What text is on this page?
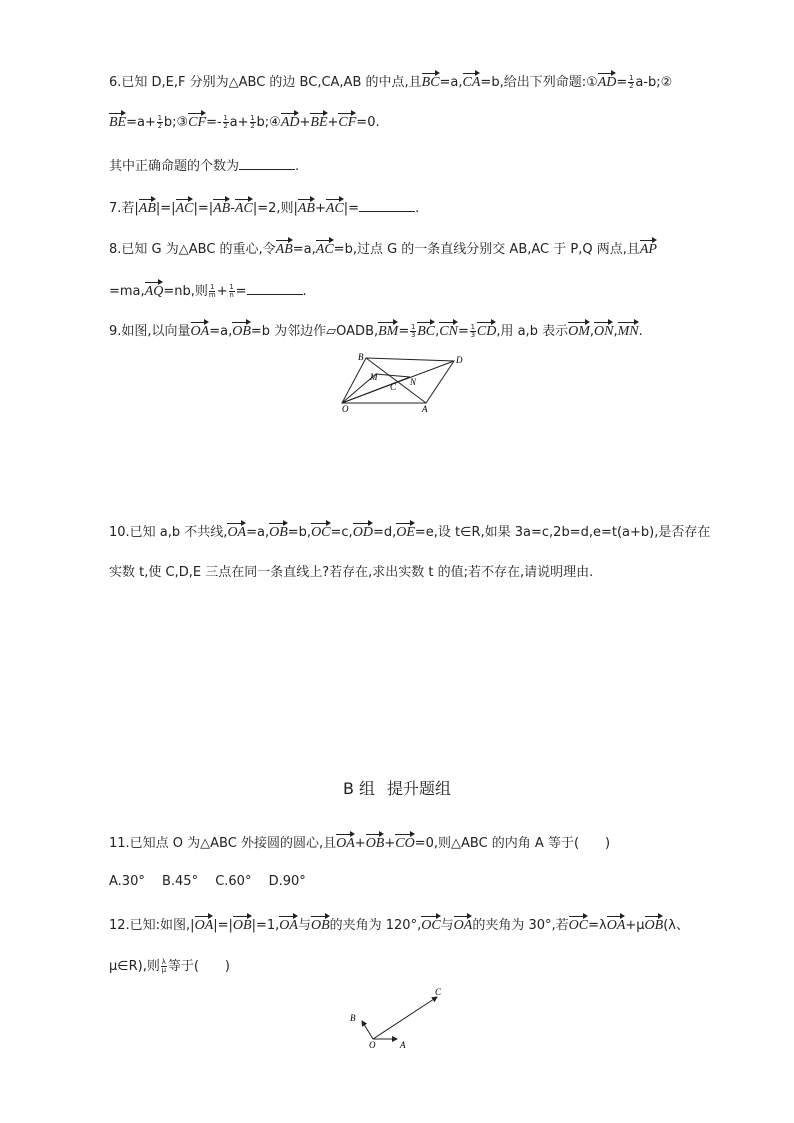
6.已知 D,E,F 分别为△ABC 的边 BC,CA,AB 的中点,且BC=a,CA=b,给出下列命题:①AD= $\frac{1}{2}$ a-b;②
$BE=a+ \frac{1}{2}$ b;③CF=- $\frac{1}{2} a+ \frac{1}{2}$ b;④AD+BE+CF=0.
其中正确命题的个数为	.
7.若|AB|=|AC|=|AB-AC|=2,则|AB+AC|=	.
8.已知 G 为△ABC 的重心,令AB=a,AC=b,过点 G 的一条直线分别交 AB,AC 于 P,Q 两点,且AP
=ma,AQ=nb,则 $\frac{1}{m} + \frac{1}{n}$ =	.
9.如图,以向量OA=a,OB=b 为邻边作▱OADB,BM= $\frac{1}{3} BC,CN= \frac{1}{3}$ CD,用 a,b 表示OM,ON,MN.
B	D
M	N
C
O	A
10.已知 a,b 不共线,OA=a,OB=b,OC=c,OD=d,OE=e,设 t∈R,如果 3a=c,2b=d,e=t(a+b),是否存在
实数 t,使 C,D,E 三点在同一条直线上?若存在,求出实数 t 的值;若不存在,请说明理由.
B 组 提升题组
11.已知点 O 为△ABC 外接圆的圆心,且OA+OB+CO=0,则△ABC 的内角 A 等于(　　)
A.30°　 B.45°　 C.60°　 D.90°
12.已知:如图,|OA|=|OB|=1,OA与OB的夹角为 120°,OC与OA的夹角为 30°,若OC=λOA+μOB(λ、
μ∈R),则 $\frac{\lambda}{\mu}$ 等于(　　)
B
C
O	A
